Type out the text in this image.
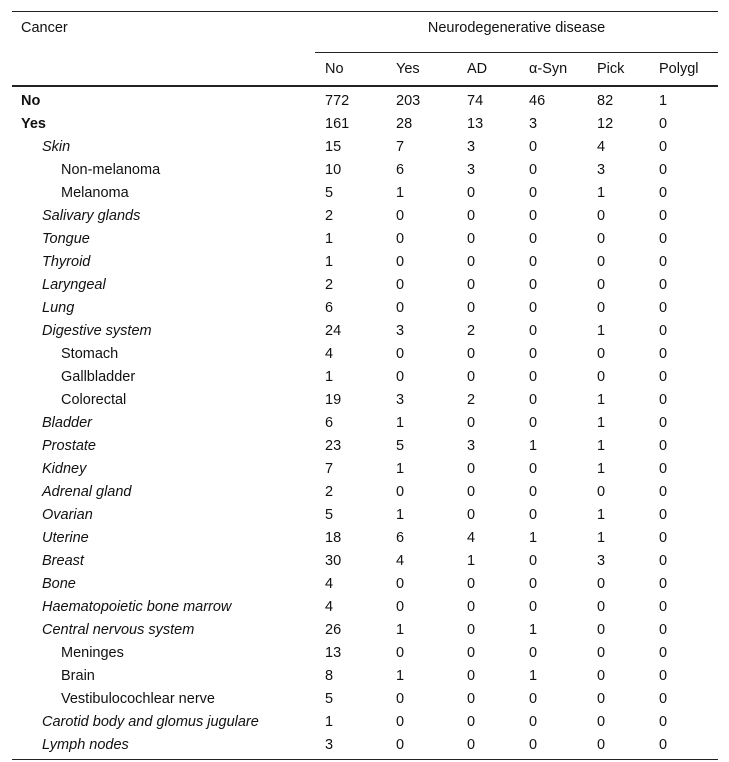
Cancer	Neurodegenerative disease					
	No	Yes	AD	α-Syn	Pick	Polygl
No	772	203	74	46	82	1
Yes	161	28	13	3	12	0
Skin	15	7	3	0	4	0
Non-melanoma	10	6	3	0	3	0
Melanoma	5	1	0	0	1	0
Salivary glands	2	0	0	0	0	0
Tongue	1	0	0	0	0	0
Thyroid	1	0	0	0	0	0
Laryngeal	2	0	0	0	0	0
Lung	6	0	0	0	0	0
Digestive system	24	3	2	0	1	0
Stomach	4	0	0	0	0	0
Gallbladder	1	0	0	0	0	0
Colorectal	19	3	2	0	1	0
Bladder	6	1	0	0	1	0
Prostate	23	5	3	1	1	0
Kidney	7	1	0	0	1	0
Adrenal gland	2	0	0	0	0	0
Ovarian	5	1	0	0	1	0
Uterine	18	6	4	1	1	0
Breast	30	4	1	0	3	0
Bone	4	0	0	0	0	0
Haematopoietic bone marrow	4	0	0	0	0	0
Central nervous system	26	1	0	1	0	0
Meninges	13	0	0	0	0	0
Brain	8	1	0	1	0	0
Vestibulocochlear nerve	5	0	0	0	0	0
Carotid body and glomus jugulare	1	0	0	0	0	0
Lymph nodes	3	0	0	0	0	0
